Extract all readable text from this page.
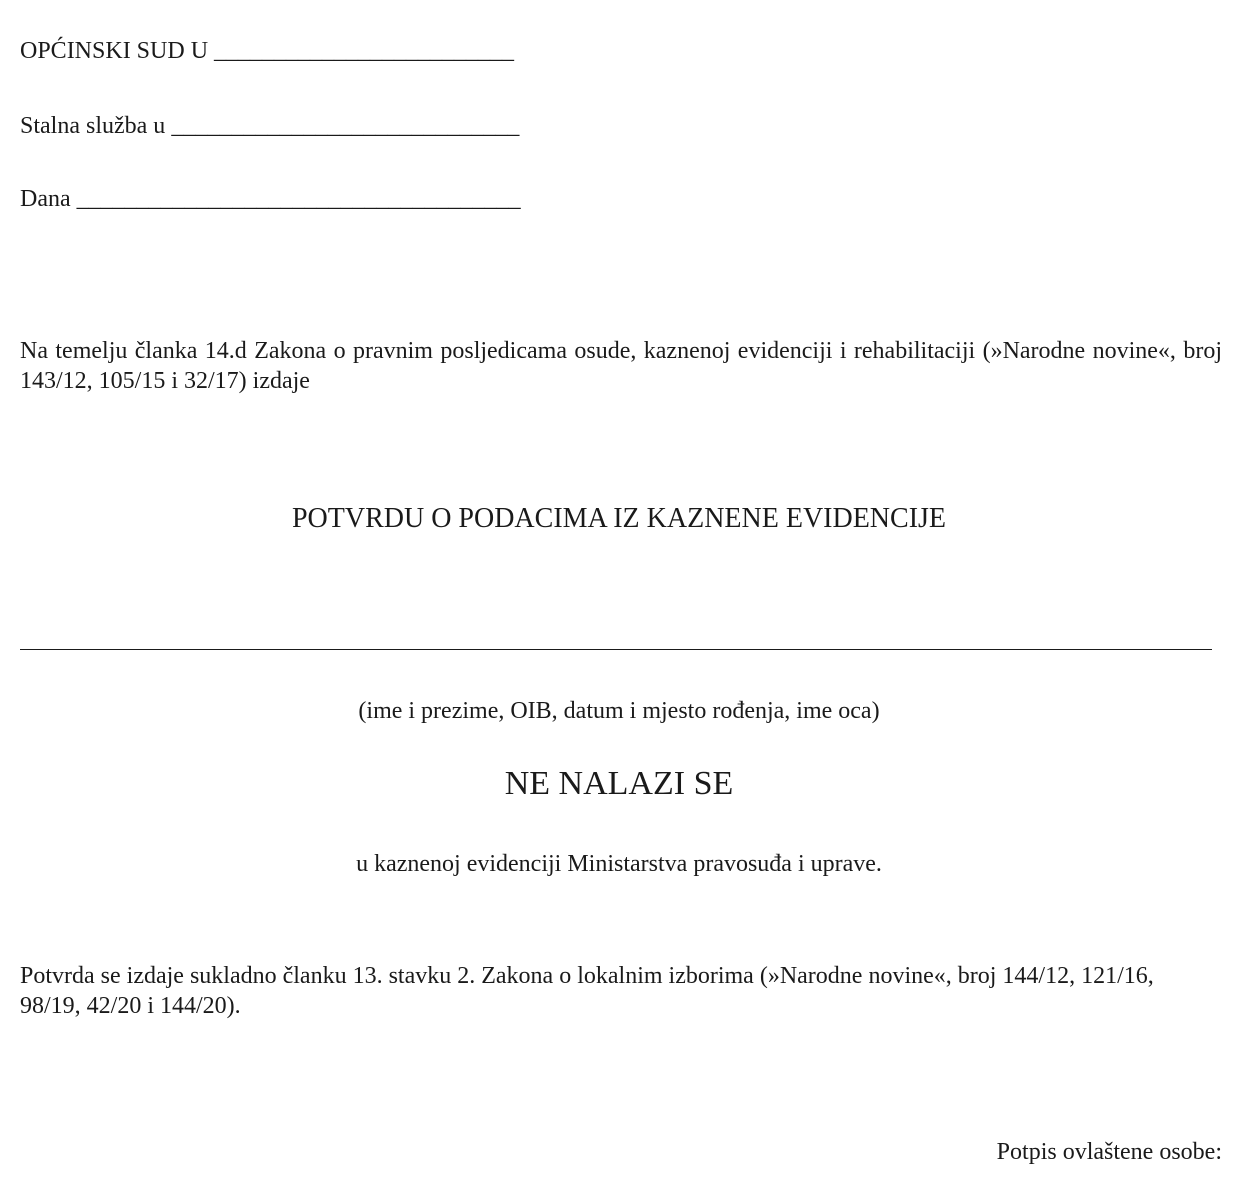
OPĆINSKI SUD U _________________________
Stalna služba u _____________________________
Dana _____________________________________
Na temelju članka 14.d Zakona o pravnim posljedicama osude, kaznenoj evidenciji i rehabilitaciji (»Narodne novine«, broj 143/12, 105/15 i 32/17) izdaje
POTVRDU O PODACIMA IZ KAZNENE EVIDENCIJE
(ime i prezime, OIB, datum i mjesto rođenja, ime oca)
NE NALAZI SE
u kaznenoj evidenciji Ministarstva pravosuđa i uprave.
Potvrda se izdaje sukladno članku 13. stavku 2. Zakona o lokalnim izborima (»Narodne novine«, broj 144/12, 121/16, 98/19, 42/20 i 144/20).
Potpis ovlaštene osobe:
